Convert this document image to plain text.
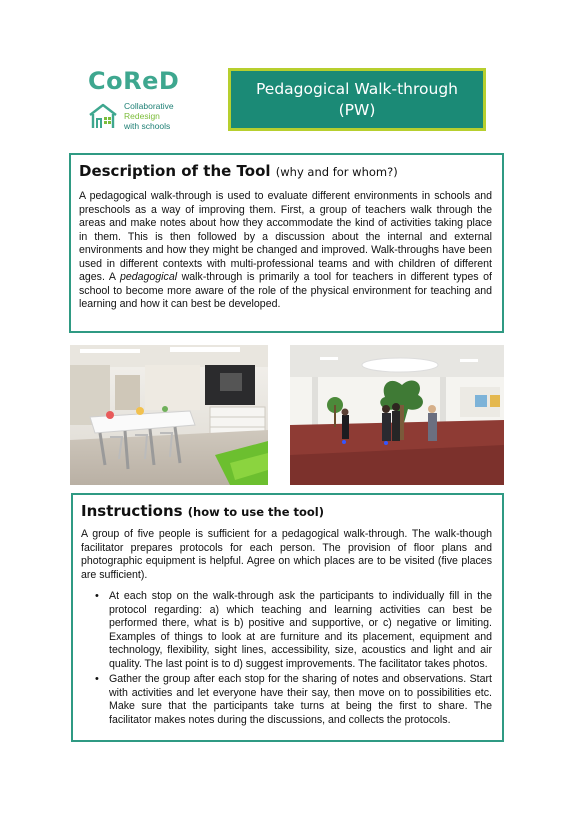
CoReD
Collaborative
Redesign
with schools
Pedagogical Walk-through
(PW)
Description of the Tool (why and for whom?)
A pedagogical walk-through is used to evaluate different environments in schools and preschools as a way of improving them. First, a group of teachers walk through the areas and make notes about how they accommodate the kind of activities taking place in them. This is then followed by a discussion about the internal and external environments and how they might be changed and improved. Walk-throughs have been used in different contexts with multi-professional teams and with children of different ages. A pedagogical walk-through is primarily a tool for teachers in different types of school to become more aware of the role of the physical environment for teaching and learning and how it can best be developed.
Instructions (how to use the tool)
A group of five people is sufficient for a pedagogical walk-through. The walk-though facilitator prepares protocols for each person. The provision of floor plans and photographic equipment is helpful. Agree on which places are to be visited (five places are sufficient).
• At each stop on the walk-through ask the participants to individually fill in the protocol regarding: a) which teaching and learning activities can best be performed there, what is b) positive and supportive, or c) negative or limiting. Examples of things to look at are furniture and its placement, equipment and technology, flexibility, sight lines, accessibility, size, acoustics and light and air quality. The last point is to d) suggest improvements. The facilitator takes photos.
• Gather the group after each stop for the sharing of notes and observations. Start with activities and let everyone have their say, then move on to possibilities etc. Make sure that the participants take turns at being the first to share. The facilitator makes notes during the discussions, and collects the protocols.
